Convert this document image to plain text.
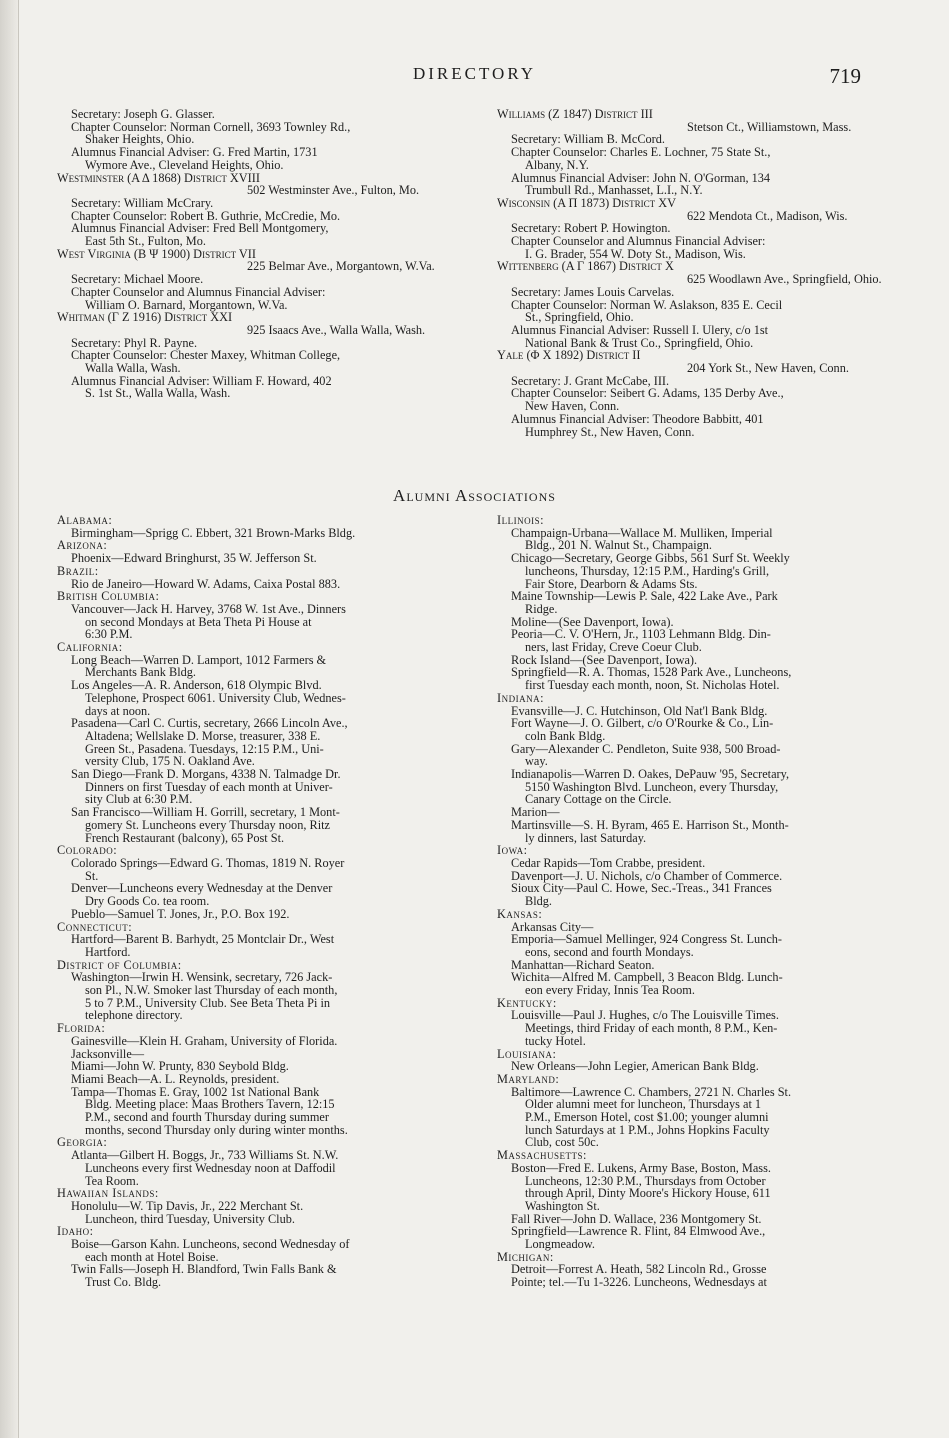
DIRECTORY	719
Secretary: Joseph G. Glasser.
Chapter Counselor: Norman Cornell, 3693 Townley Rd.,
Shaker Heights, Ohio.
Alumnus Financial Adviser: G. Fred Martin, 1731
Wymore Ave., Cleveland Heights, Ohio.
Westminster (Α Δ 1868) District XVIII
502 Westminster Ave., Fulton, Mo.
Secretary: William McCrary.
Chapter Counselor: Robert B. Guthrie, McCredie, Mo.
Alumnus Financial Adviser: Fred Bell Montgomery,
East 5th St., Fulton, Mo.
West Virginia (Β Ψ 1900) District VII
225 Belmar Ave., Morgantown, W.Va.
Secretary: Michael Moore.
Chapter Counselor and Alumnus Financial Adviser:
William O. Barnard, Morgantown, W.Va.
Whitman (Γ Ζ 1916) District XXI
925 Isaacs Ave., Walla Walla, Wash.
Secretary: Phyl R. Payne.
Chapter Counselor: Chester Maxey, Whitman College,
Walla Walla, Wash.
Alumnus Financial Adviser: William F. Howard, 402
S. 1st St., Walla Walla, Wash.
Williams (Ζ 1847) District III
Stetson Ct., Williamstown, Mass.
Secretary: William B. McCord.
Chapter Counselor: Charles E. Lochner, 75 State St.,
Albany, N.Y.
Alumnus Financial Adviser: John N. O'Gorman, 134
Trumbull Rd., Manhasset, L.I., N.Y.
Wisconsin (Α Π 1873) District XV
622 Mendota Ct., Madison, Wis.
Secretary: Robert P. Howington.
Chapter Counselor and Alumnus Financial Adviser:
I. G. Brader, 554 W. Doty St., Madison, Wis.
Wittenberg (Α Γ 1867) District X
625 Woodlawn Ave., Springfield, Ohio.
Secretary: James Louis Carvelas.
Chapter Counselor: Norman W. Aslakson, 835 E. Cecil
St., Springfield, Ohio.
Alumnus Financial Adviser: Russell I. Ulery, c/o 1st
National Bank & Trust Co., Springfield, Ohio.
Yale (Φ Χ 1892) District II
204 York St., New Haven, Conn.
Secretary: J. Grant McCabe, III.
Chapter Counselor: Seibert G. Adams, 135 Derby Ave.,
New Haven, Conn.
Alumnus Financial Adviser: Theodore Babbitt, 401
Humphrey St., New Haven, Conn.
Alumni Associations
Alabama:
Birmingham—Sprigg C. Ebbert, 321 Brown-Marks Bldg.
Arizona:
Phoenix—Edward Bringhurst, 35 W. Jefferson St.
Brazil:
Rio de Janeiro—Howard W. Adams, Caixa Postal 883.
British Columbia:
Vancouver—Jack H. Harvey, 3768 W. 1st Ave., Dinners
on second Mondays at Beta Theta Pi House at
6:30 P.M.
California:
Long Beach—Warren D. Lamport, 1012 Farmers &
Merchants Bank Bldg.
Los Angeles—A. R. Anderson, 618 Olympic Blvd.
Telephone, Prospect 6061. University Club, Wednes-
days at noon.
Pasadena—Carl C. Curtis, secretary, 2666 Lincoln Ave.,
Altadena; Wellslake D. Morse, treasurer, 338 E.
Green St., Pasadena. Tuesdays, 12:15 P.M., Uni-
versity Club, 175 N. Oakland Ave.
San Diego—Frank D. Morgans, 4338 N. Talmadge Dr.
Dinners on first Tuesday of each month at Univer-
sity Club at 6:30 P.M.
San Francisco—William H. Gorrill, secretary, 1 Mont-
gomery St. Luncheons every Thursday noon, Ritz
French Restaurant (balcony), 65 Post St.
Colorado:
Colorado Springs—Edward G. Thomas, 1819 N. Royer
St.
Denver—Luncheons every Wednesday at the Denver
Dry Goods Co. tea room.
Pueblo—Samuel T. Jones, Jr., P.O. Box 192.
Connecticut:
Hartford—Barent B. Barhydt, 25 Montclair Dr., West
Hartford.
District of Columbia:
Washington—Irwin H. Wensink, secretary, 726 Jack-
son Pl., N.W. Smoker last Thursday of each month,
5 to 7 P.M., University Club. See Beta Theta Pi in
telephone directory.
Florida:
Gainesville—Klein H. Graham, University of Florida.
Jacksonville—
Miami—John W. Prunty, 830 Seybold Bldg.
Miami Beach—A. L. Reynolds, president.
Tampa—Thomas E. Gray, 1002 1st National Bank
Bldg. Meeting place: Maas Brothers Tavern, 12:15
P.M., second and fourth Thursday during summer
months, second Thursday only during winter months.
Georgia:
Atlanta—Gilbert H. Boggs, Jr., 733 Williams St. N.W.
Luncheons every first Wednesday noon at Daffodil
Tea Room.
Hawaiian Islands:
Honolulu—W. Tip Davis, Jr., 222 Merchant St.
Luncheon, third Tuesday, University Club.
Idaho:
Boise—Garson Kahn. Luncheons, second Wednesday of
each month at Hotel Boise.
Twin Falls—Joseph H. Blandford, Twin Falls Bank &
Trust Co. Bldg.
Illinois:
Champaign-Urbana—Wallace M. Mulliken, Imperial
Bldg., 201 N. Walnut St., Champaign.
Chicago—Secretary, George Gibbs, 561 Surf St. Weekly
luncheons, Thursday, 12:15 P.M., Harding's Grill,
Fair Store, Dearborn & Adams Sts.
Maine Township—Lewis P. Sale, 422 Lake Ave., Park
Ridge.
Moline—(See Davenport, Iowa).
Peoria—C. V. O'Hern, Jr., 1103 Lehmann Bldg. Din-
ners, last Friday, Creve Coeur Club.
Rock Island—(See Davenport, Iowa).
Springfield—R. A. Thomas, 1528 Park Ave., Luncheons,
first Tuesday each month, noon, St. Nicholas Hotel.
Indiana:
Evansville—J. C. Hutchinson, Old Nat'l Bank Bldg.
Fort Wayne—J. O. Gilbert, c/o O'Rourke & Co., Lin-
coln Bank Bldg.
Gary—Alexander C. Pendleton, Suite 938, 500 Broad-
way.
Indianapolis—Warren D. Oakes, DePauw '95, Secretary,
5150 Washington Blvd. Luncheon, every Thursday,
Canary Cottage on the Circle.
Marion—
Martinsville—S. H. Byram, 465 E. Harrison St., Month-
ly dinners, last Saturday.
Iowa:
Cedar Rapids—Tom Crabbe, president.
Davenport—J. U. Nichols, c/o Chamber of Commerce.
Sioux City—Paul C. Howe, Sec.-Treas., 341 Frances
Bldg.
Kansas:
Arkansas City—
Emporia—Samuel Mellinger, 924 Congress St. Lunch-
eons, second and fourth Mondays.
Manhattan—Richard Seaton.
Wichita—Alfred M. Campbell, 3 Beacon Bldg. Lunch-
eon every Friday, Innis Tea Room.
Kentucky:
Louisville—Paul J. Hughes, c/o The Louisville Times.
Meetings, third Friday of each month, 8 P.M., Ken-
tucky Hotel.
Louisiana:
New Orleans—John Legier, American Bank Bldg.
Maryland:
Baltimore—Lawrence C. Chambers, 2721 N. Charles St.
Older alumni meet for luncheon, Thursdays at 1
P.M., Emerson Hotel, cost $1.00; younger alumni
lunch Saturdays at 1 P.M., Johns Hopkins Faculty
Club, cost 50c.
Massachusetts:
Boston—Fred E. Lukens, Army Base, Boston, Mass.
Luncheons, 12:30 P.M., Thursdays from October
through April, Dinty Moore's Hickory House, 611
Washington St.
Fall River—John D. Wallace, 236 Montgomery St.
Springfield—Lawrence R. Flint, 84 Elmwood Ave.,
Longmeadow.
Michigan:
Detroit—Forrest A. Heath, 582 Lincoln Rd., Grosse
Pointe; tel.—Tu 1-3226. Luncheons, Wednesdays at
